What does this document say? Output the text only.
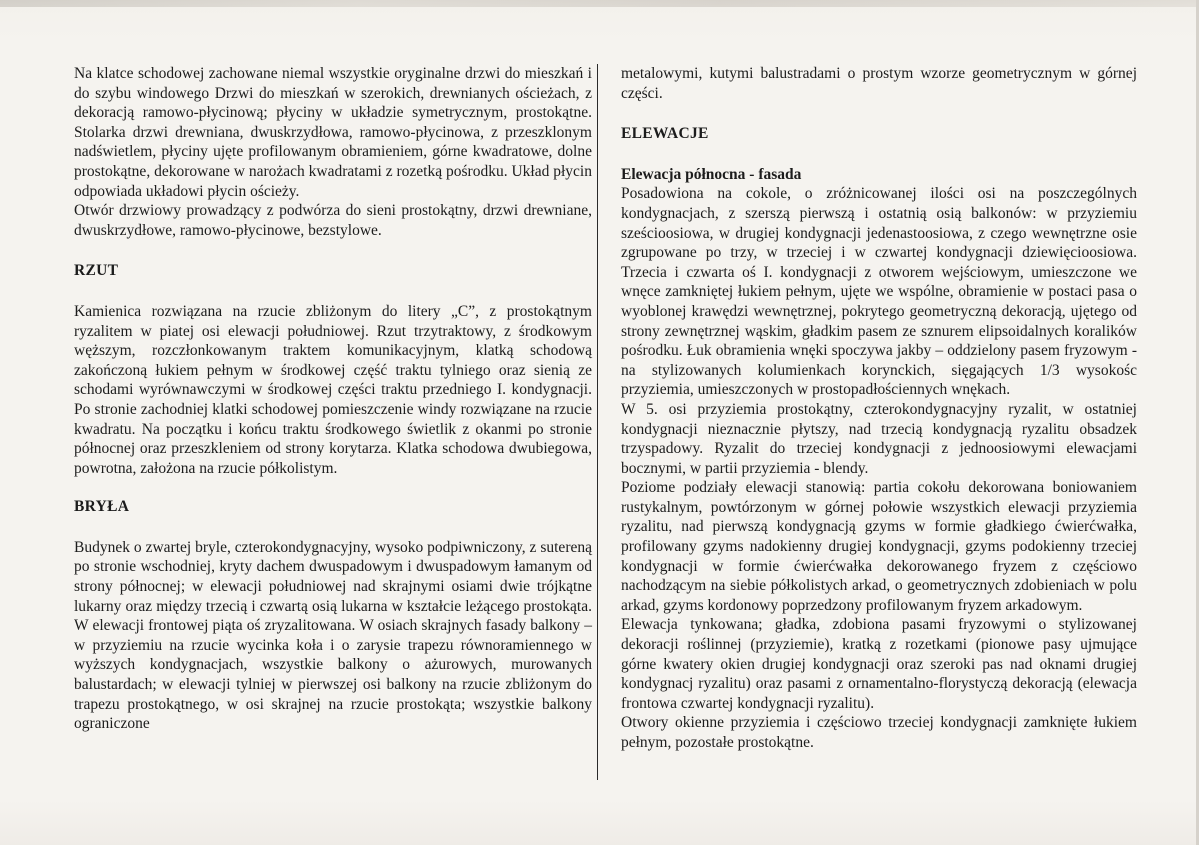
Na klatce schodowej zachowane niemal wszystkie oryginalne drzwi do mieszkań i do szybu windowego Drzwi do mieszkań w szerokich, drewnianych ościeżach, z dekoracją ramowo-płycinową; płyciny w układzie symetrycznym, prostokątne. Stolarka drzwi drewniana, dwuskrzydłowa, ramowo-płycinowa, z przeszklonym nadświetlem, płyciny ujęte profilowanym obramieniem, górne kwadratowe, dolne prostokątne, dekorowane w narożach kwadratami z rozetką pośrodku. Układ płycin odpowiada układowi płycin ościeży.

Otwór drzwiowy prowadzący z podwórza do sieni prostokątny, drzwi drewniane, dwuskrzydłowe, ramowo-płycinowe, bezstylowe.

RZUT

Kamienica rozwiązana na rzucie zbliżonym do litery „C”, z prostokątnym ryzalitem w piatej osi elewacji południowej. Rzut trzytraktowy, z środkowym węższym, rozczłonkowanym traktem komunikacyjnym, klatką schodową zakończoną łukiem pełnym w środkowej część traktu tylniego oraz sienią ze schodami wyrównawczymi w środkowej części traktu przedniego I. kondygnacji. Po stronie zachodniej klatki schodowej pomieszczenie windy rozwiązane na rzucie kwadratu. Na początku i końcu traktu środkowego świetlik z okanmi po stronie północnej oraz przeszkleniem od strony korytarza. Klatka schodowa dwubiegowa, powrotna, założona na rzucie półkolistym.

BRYŁA

Budynek o zwartej bryle, czterokondygnacyjny, wysoko podpiwniczony, z sutereną po stronie wschodniej, kryty dachem dwuspadowym i dwuspadowym łamanym od strony północnej; w elewacji południowej nad skrajnymi osiami dwie trójkątne lukarny oraz między trzecią i czwartą osią lukarna w kształcie leżącego prostokąta. W elewacji frontowej piąta oś zryzalitowana. W osiach skrajnych fasady balkony – w przyziemiu na rzucie wycinka koła i o zarysie trapezu równoramiennego w wyższych kondygnacjach, wszystkie balkony o ażurowych, murowanych balustardach; w elewacji tylniej w pierwszej osi balkony na rzucie zbliżonym do trapezu prostokątnego, w osi skrajnej na rzucie prostokąta; wszystkie balkony ograniczone

metalowymi, kutymi balustradami o prostym wzorze geometrycznym w górnej części.

ELEWACJE

Elewacja północna - fasada

Posadowiona na cokole, o zróżnicowanej ilości osi na poszczególnych kondygnacjach, z szerszą pierwszą i ostatnią osią balkonów: w przyziemiu sześcioosiowa, w drugiej kondygnacji jedenastoosiowa, z czego wewnętrzne osie zgrupowane po trzy, w trzeciej i w czwartej kondygnacji dziewięcioosiowa. Trzecia i czwarta oś I. kondygnacji z otworem wejściowym, umieszczone we wnęce zamkniętej łukiem pełnym, ujęte we wspólne, obramienie w postaci pasa o wyoblonej krawędzi wewnętrznej, pokrytego geometryczną dekoracją, ujętego od strony zewnętrznej wąskim, gładkim pasem ze sznurem elipsoidalnych koralików pośrodku. Łuk obramienia wnęki spoczywa jakby – oddzielony pasem fryzowym - na stylizowanych kolumienkach korynckich, sięgających 1/3 wysokośc przyziemia, umieszczonych w prostopadłościennych wnękach.

W 5. osi przyziemia prostokątny, czterokondygnacyjny ryzalit, w ostatniej kondygnacji nieznacznie płytszy, nad trzecią kondygnacją ryzalitu obsadzek trzyspadowy. Ryzalit do trzeciej kondygnacji z jednoosiowymi elewacjami bocznymi, w partii przyziemia - blendy.

Poziome podziały elewacji stanowią: partia cokołu dekorowana boniowaniem rustykalnym, powtórzonym w górnej połowie wszystkich elewacji przyziemia ryzalitu, nad pierwszą kondygnacją gzyms w formie gładkiego ćwierćwałka, profilowany gzyms nadokienny drugiej kondygnacji, gzyms podokienny trzeciej kondygnacji w formie ćwierćwałka dekorowanego fryzem z częściowo nachodzącym na siebie półkolistych arkad, o geometrycznych zdobieniach w polu arkad, gzyms kordonowy poprzedzony profilowanym fryzem arkadowym.

Elewacja tynkowana; gładka, zdobiona pasami fryzowymi o stylizowanej dekoracji roślinnej (przyziemie), kratką z rozetkami (pionowe pasy ujmujące górne kwatery okien drugiej kondygnacji oraz szeroki pas nad oknami drugiej kondygnacj ryzalitu) oraz pasami z ornamentalno-florystyczą dekoracją (elewacja frontowa czwartej kondygnacji ryzalitu).

Otwory okienne przyziemia i częściowo trzeciej kondygnacji zamknięte łukiem pełnym, pozostałe prostokątne.
